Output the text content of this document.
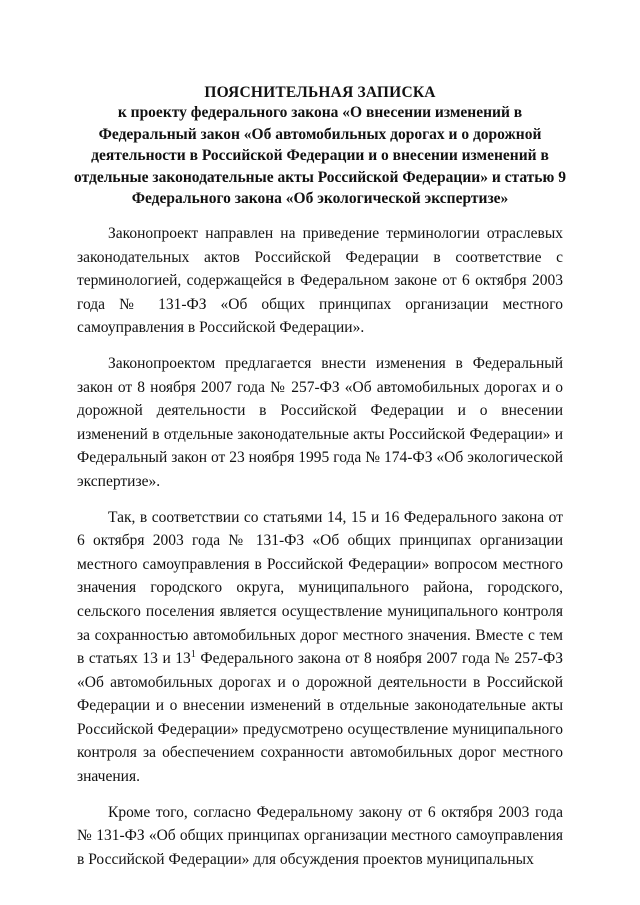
ПОЯСНИТЕЛЬНАЯ ЗАПИСКА
к проекту федерального закона «О внесении изменений в Федеральный закон «Об автомобильных дорогах и о дорожной деятельности в Российской Федерации и о внесении изменений в отдельные законодательные акты Российской Федерации» и статью 9 Федерального закона «Об экологической экспертизе»

Законопроект направлен на приведение терминологии отраслевых законодательных актов Российской Федерации в соответствие с терминологией, содержащейся в Федеральном законе от 6 октября 2003 года № 131-ФЗ «Об общих принципах организации местного самоуправления в Российской Федерации».

Законопроектом предлагается внести изменения в Федеральный закон от 8 ноября 2007 года № 257-ФЗ «Об автомобильных дорогах и о дорожной деятельности в Российской Федерации и о внесении изменений в отдельные законодательные акты Российской Федерации» и Федеральный закон от 23 ноября 1995 года № 174-ФЗ «Об экологической экспертизе».

Так, в соответствии со статьями 14, 15 и 16 Федерального закона от 6 октября 2003 года № 131-ФЗ «Об общих принципах организации местного самоуправления в Российской Федерации» вопросом местного значения городского округа, муниципального района, городского, сельского поселения является осуществление муниципального контроля за сохранностью автомобильных дорог местного значения. Вместе с тем в статьях 13 и $13^1$ Федерального закона от 8 ноября 2007 года № 257-ФЗ «Об автомобильных дорогах и о дорожной деятельности в Российской Федерации и о внесении изменений в отдельные законодательные акты Российской Федерации» предусмотрено осуществление муниципального контроля за обеспечением сохранности автомобильных дорог местного значения.

Кроме того, согласно Федеральному закону от 6 октября 2003 года № 131-ФЗ «Об общих принципах организации местного самоуправления в Российской Федерации» для обсуждения проектов муниципальных
